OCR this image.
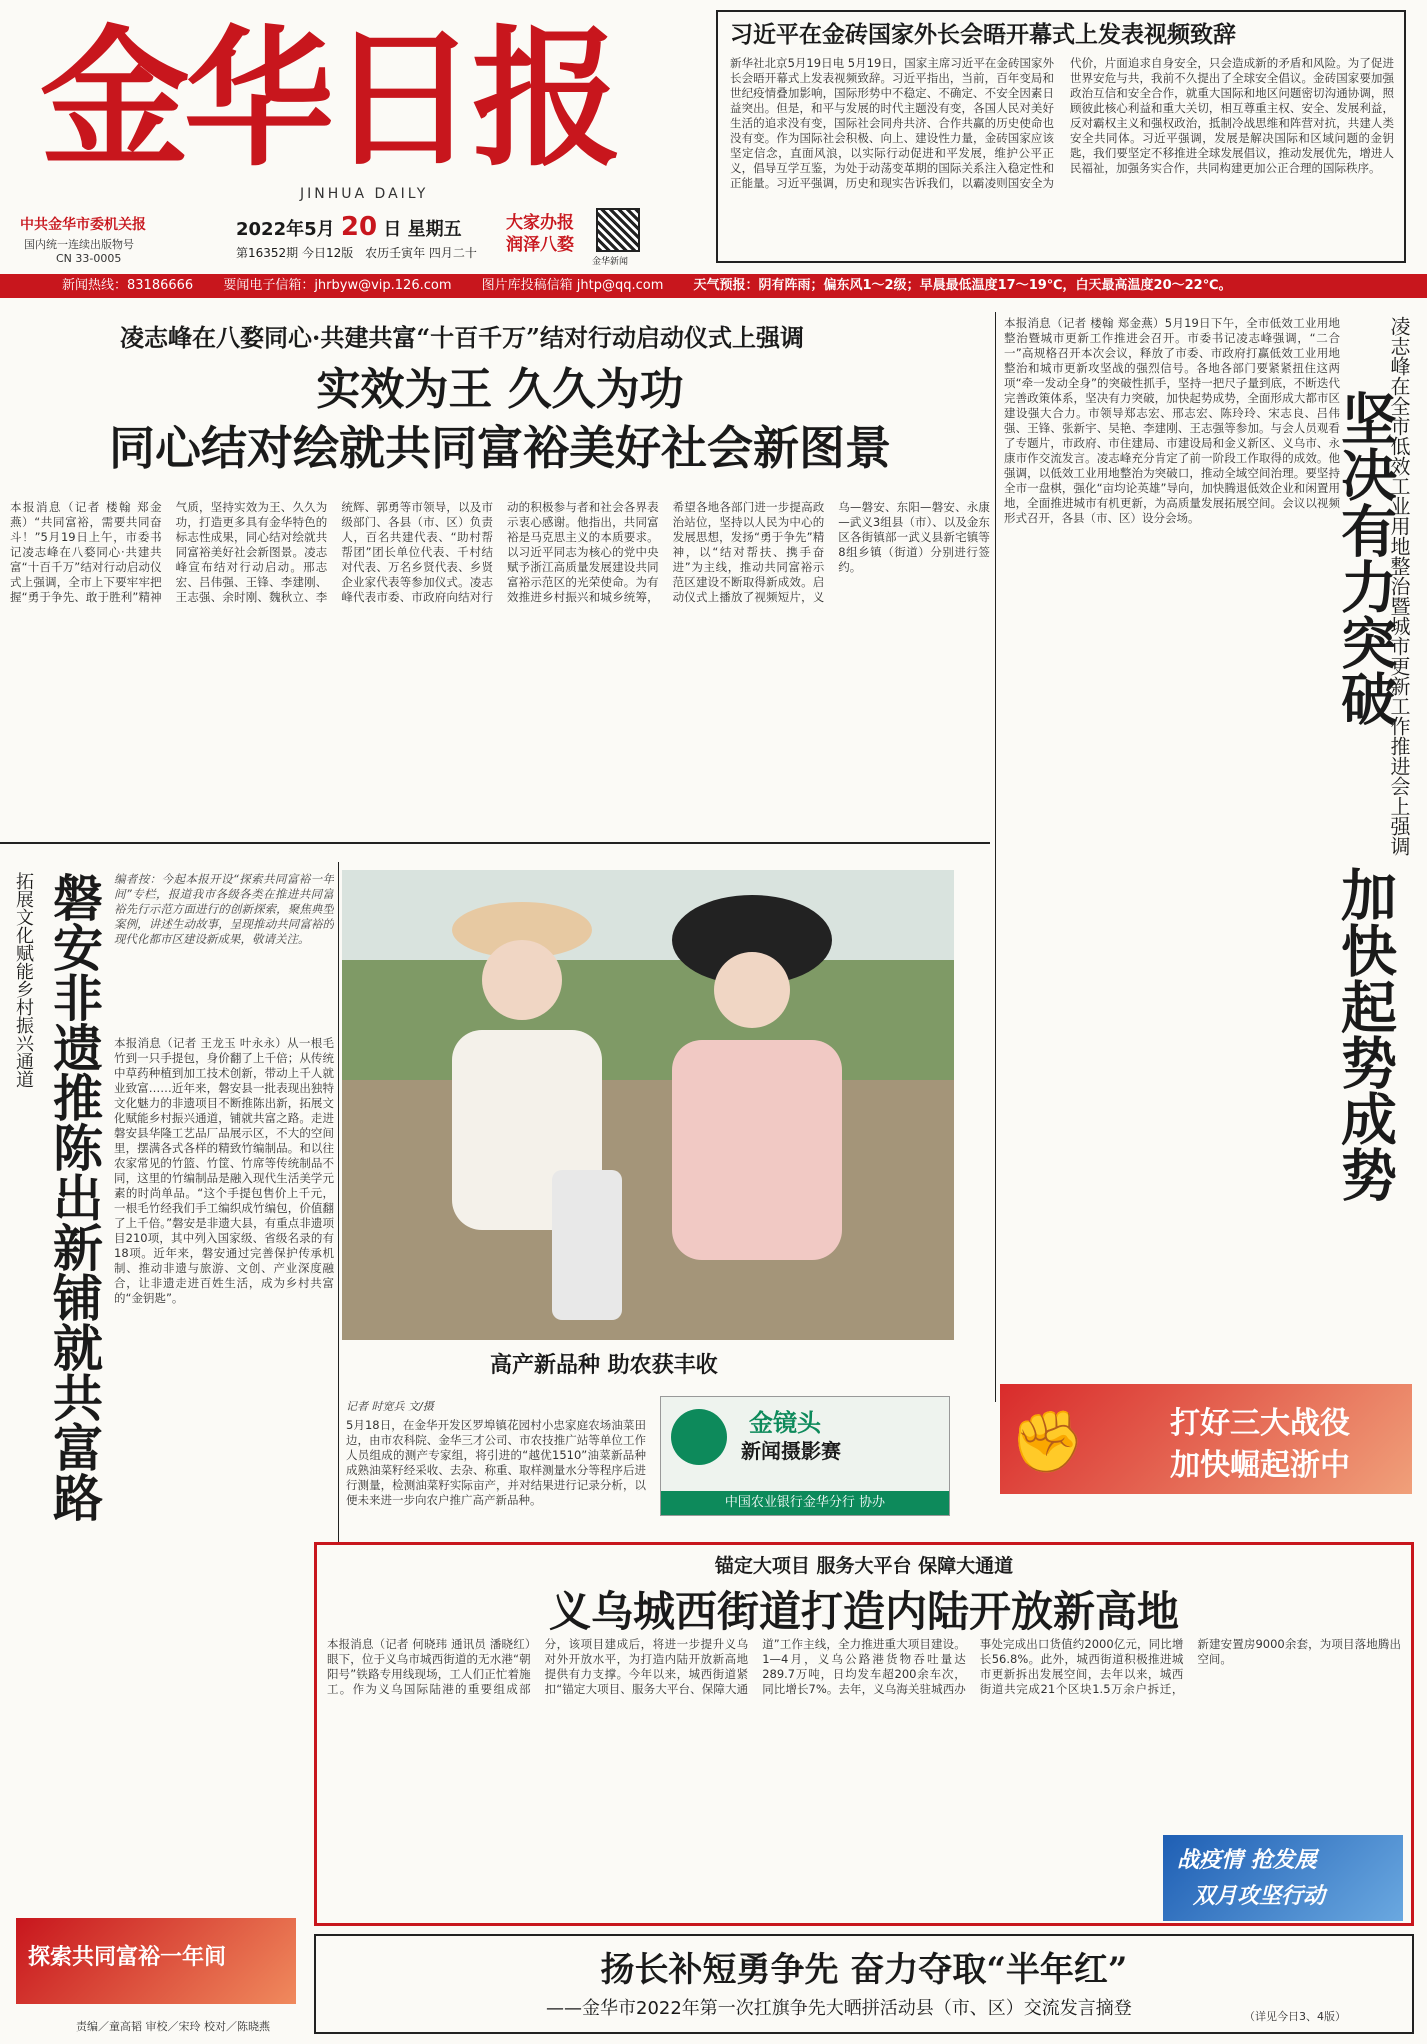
金华日报
JINHUA DAILY
中共金华市委机关报
国内统一连续出版物号
CN 33-0005
2022年5月 20 日 星期五
第16352期 今日12版 农历壬寅年 四月二十
大家办报
润泽八婺
金华新闻
习近平在金砖国家外长会晤开幕式上发表视频致辞
新华社北京5月19日电 5月19日，国家主席习近平在金砖国家外长会晤开幕式上发表视频致辞。习近平指出，当前，百年变局和世纪疫情叠加影响，国际形势中不稳定、不确定、不安全因素日益突出。但是，和平与发展的时代主题没有变，各国人民对美好生活的追求没有变，国际社会同舟共济、合作共赢的历史使命也没有变。作为国际社会积极、向上、建设性力量，金砖国家应该坚定信念，直面风浪，以实际行动促进和平发展，维护公平正义，倡导互学互鉴，为处于动荡变革期的国际关系注入稳定性和正能量。习近平强调，历史和现实告诉我们，以霸凌则国安全为代价，片面追求自身安全，只会造成新的矛盾和风险。为了促进世界安危与共，我前不久提出了全球安全倡议。金砖国家要加强政治互信和安全合作，就重大国际和地区问题密切沟通协调，照顾彼此核心利益和重大关切，相互尊重主权、安全、发展利益，反对霸权主义和强权政治，抵制冷战思维和阵营对抗，共建人类安全共同体。习近平强调，发展是解决国际和区域问题的金钥匙，我们要坚定不移推进全球发展倡议，推动发展优先，增进人民福祉，加强务实合作，共同构建更加公正合理的国际秩序。
新闻热线：83186666 要闻电子信箱：jhrbyw@vip.126.com 图片库投稿信箱 jhtp@qq.com 天气预报：阴有阵雨；偏东风1～2级；早晨最低温度17～19℃，白天最高温度20～22℃。
凌志峰在八婺同心·共建共富“十百千万”结对行动启动仪式上强调
实效为王 久久为功
同心结对绘就共同富裕美好社会新图景
本报消息（记者 楼翰 郑金燕）“共同富裕，需要共同奋斗！”5月19日上午，市委书记凌志峰在八婺同心·共建共富“十百千万”结对行动启动仪式上强调，全市上下要牢牢把握“勇于争先、敢于胜利”精神气质，坚持实效为王、久久为功，打造更多具有金华特色的标志性成果，同心结对绘就共同富裕美好社会新图景。凌志峰宣布结对行动启动。邢志宏、吕伟强、王锋、李建刚、王志强、余时刚、魏秋立、李统辉、郭勇等市领导，以及市级部门、各县（市、区）负责人，百名共建代表、“助村帮帮团”团长单位代表、千村结对代表、万名乡贤代表、乡贤企业家代表等参加仪式。凌志峰代表市委、市政府向结对行动的积极参与者和社会各界表示衷心感谢。他指出，共同富裕是马克思主义的本质要求。以习近平同志为核心的党中央赋予浙江高质量发展建设共同富裕示范区的光荣使命。为有效推进乡村振兴和城乡统筹，希望各地各部门进一步提高政治站位，坚持以人民为中心的发展思想，发扬“勇于争先”精神，以“结对帮扶、携手奋进”为主线，推动共同富裕示范区建设不断取得新成效。启动仪式上播放了视频短片，义乌—磐安、东阳—磐安、永康—武义3组县（市）、以及金东区各街镇部一武义县新宅镇等8组乡镇（街道）分别进行签约。
本报消息（记者 楼翰 郑金燕）5月19日下午，全市低效工业用地整治暨城市更新工作推进会召开。市委书记凌志峰强调，“二合一”高规格召开本次会议，释放了市委、市政府打赢低效工业用地整治和城市更新攻坚战的强烈信号。各地各部门要紧紧扭住这两项“牵一发动全身”的突破性抓手，坚持一把尺子量到底，不断迭代完善政策体系，坚决有力突破，加快起势成势，全面形成大都市区建设强大合力。市领导郑志宏、邢志宏、陈玲玲、宋志良、吕伟强、王锋、张新宇、吴艳、李建刚、王志强等参加。与会人员观看了专题片，市政府、市住建局、市建设局和金义新区、义乌市、永康市作交流发言。凌志峰充分肯定了前一阶段工作取得的成效。他强调，以低效工业用地整治为突破口，推动全域空间治理。要坚持全市一盘棋，强化“亩均论英雄”导向，加快腾退低效企业和闲置用地，全面推进城市有机更新，为高质量发展拓展空间。会议以视频形式召开，各县（市、区）设分会场。	凌志峰在全市低效工业用地整治暨城市更新工作推进会上强调
坚决有力突破
加快起势成势
拓展文化赋能乡村振兴通道 磐安非遗推陈出新铺就共富路 编者按：今起本报开设“探索共同富裕一年间”专栏，报道我市各级各类在推进共同富裕先行示范方面进行的创新探索，聚焦典型案例，讲述生动故事，呈现推动共同富裕的现代化都市区建设新成果，敬请关注。
本报消息（记者 王龙玉 叶永永）从一根毛竹到一只手提包，身价翻了上千倍；从传统中草药种植到加工技术创新，带动上千人就业致富……近年来，磐安县一批表现出独特文化魅力的非遗项目不断推陈出新，拓展文化赋能乡村振兴通道，铺就共富之路。走进磐安县华隆工艺品厂品展示区，不大的空间里，摆满各式各样的精致竹编制品。和以往农家常见的竹篮、竹筐、竹席等传统制品不同，这里的竹编制品是融入现代生活美学元素的时尚单品。“这个手提包售价上千元，一根毛竹经我们手工编织成竹编包，价值翻了上千倍。”磐安是非遗大县，有重点非遗项目210项，其中列入国家级、省级名录的有18项。近年来，磐安通过完善保护传承机制、推动非遗与旅游、文创、产业深度融合，让非遗走进百姓生活，成为乡村共富的“金钥匙”。
高产新品种 助农获丰收
记者 时宽兵 文/摄
5月18日，在金华开发区罗埠镇花园村小忠家庭农场油菜田边，由市农科院、金华三才公司、市农技推广站等单位工作人员组成的测产专家组，将引进的“越优1510”油菜新品种成熟油菜籽经采收、去杂、称重、取样测量水分等程序后进行测量，检测油菜籽实际亩产，并对结果进行记录分析，以便未来进一步向农户推广高产新品种。
金镜头
新闻摄影赛
中国农业银行金华分行 协办
✊	打好三大战役
加快崛起浙中
锚定大项目 服务大平台 保障大通道
义乌城西街道打造内陆开放新高地
本报消息（记者 何晓玮 通讯员 潘晓红）眼下，位于义乌市城西街道的无水港“朝阳号”铁路专用线现场，工人们正忙着施工。作为义乌国际陆港的重要组成部分，该项目建成后，将进一步提升义乌对外开放水平，为打造内陆开放新高地提供有力支撑。今年以来，城西街道紧扣“锚定大项目、服务大平台、保障大通道”工作主线，全力推进重大项目建设。1—4月，义乌公路港货物吞吐量达289.7万吨，日均发车超200余车次，同比增长7%。去年，义乌海关驻城西办事处完成出口货值约2000亿元，同比增长56.8%。此外，城西街道积极推进城市更新拆出发展空间，去年以来，城西街道共完成21个区块1.5万余户拆迁，新建安置房9000余套，为项目落地腾出空间。
战疫情 抢发展
双月攻坚行动
探索共同富裕一年间
责编／童高韬 审校／宋玲 校对／陈晓燕
扬长补短勇争先 奋力夺取“半年红”
——金华市2022年第一次扛旗争先大晒拼活动县（市、区）交流发言摘登	（详见今日3、4版）
